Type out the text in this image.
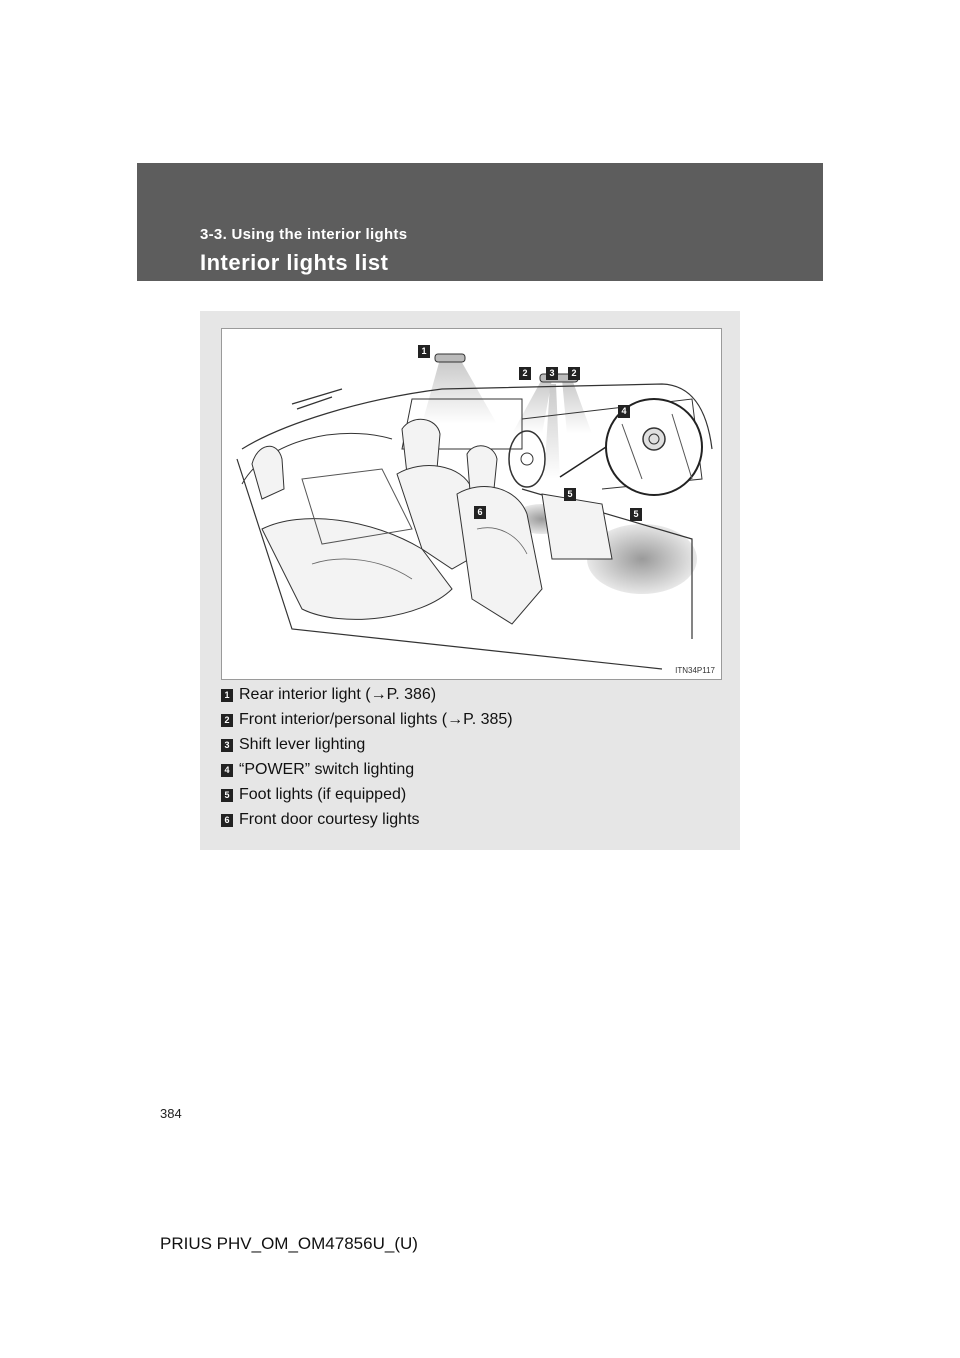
3-3. Using the interior lights
Interior lights list
1
2	3	2
4
5
6	5
ITN34P117
1 Rear interior light (→P. 386)
2 Front interior/personal lights (→P. 385)
3 Shift lever lighting
4 “POWER” switch lighting
5 Foot lights (if equipped)
6 Front door courtesy lights
384
PRIUS PHV_OM_OM47856U_(U)
